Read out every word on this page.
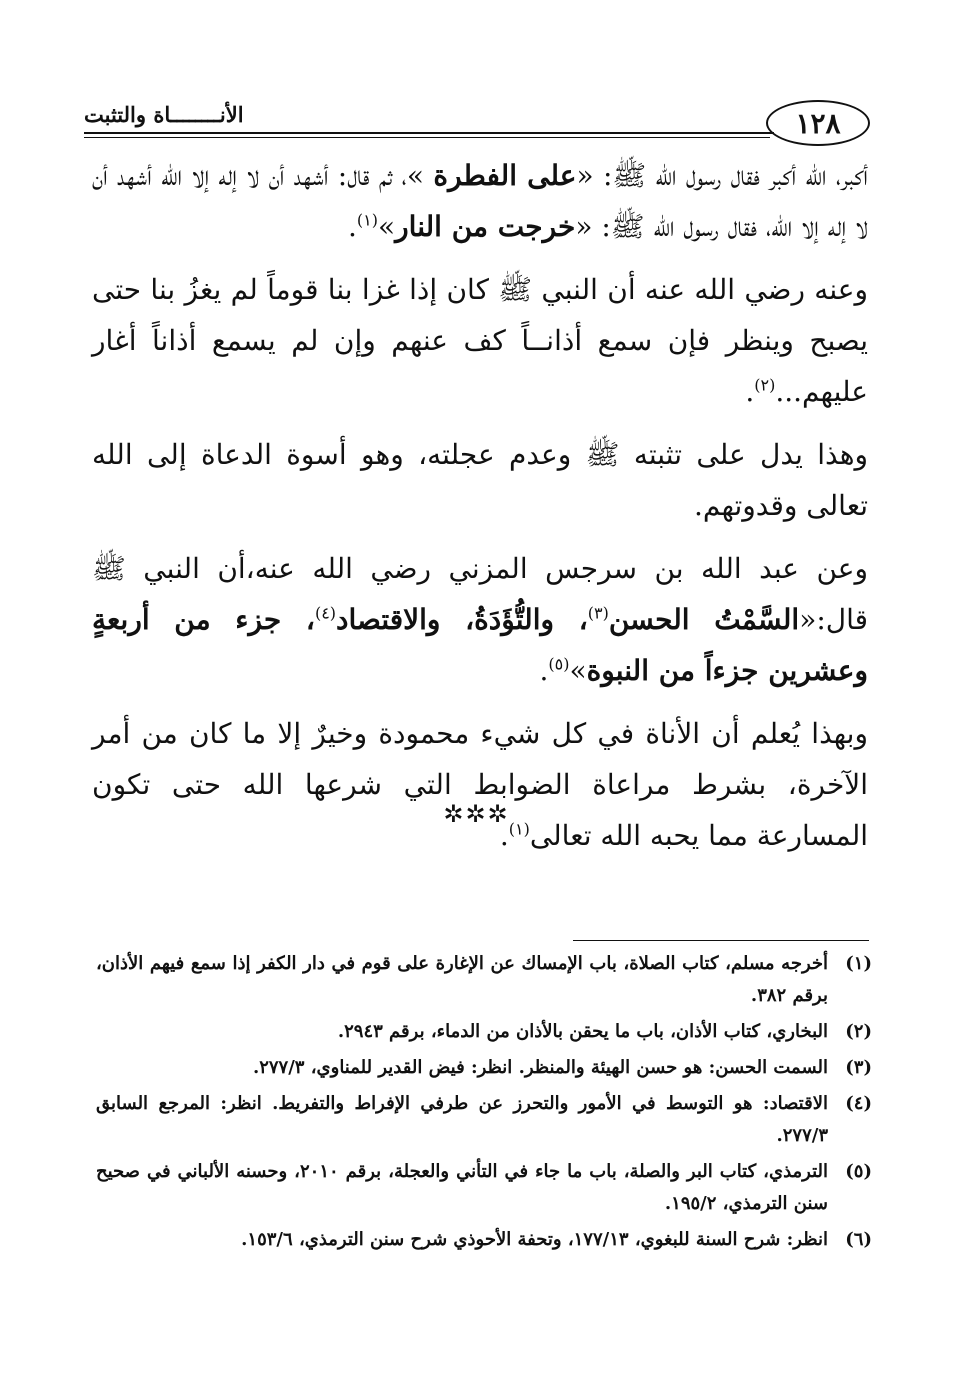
١٢٨
الأنــــــــاة والتثبت

أكبر، الله أكبر فقال رسول الله ﷺ: «على الفطرة »، ثم قال: أشهد أن لا إله إلا الله أشهد أن لا إله إلا الله، فقال رسول الله ﷺ: «خرجت من النار»$^{(١)}$.

وعنه رضي الله عنه أن النبي ﷺ كان إذا غزا بنا قوماً لم يغزُ بنا حتى يصبح وينظر فإن سمع أذانــاً كف عنهم وإن لم يسمع أذاناً أغار عليهم...$^{(٢)}$.

وهذا يدل على تثبته ﷺ وعدم عجلته، وهو أسوة الدعاة إلى الله تعالى وقدوتهم.

وعن عبد الله بن سرجس المزني رضي الله عنه،أن النبي ﷺ قال:«السَّمْتُ الحسن$^{(٣)}$، والتُّؤَدَةُ، والاقتصاد$^{(٤)}$، جزء من أربعةٍ وعشرين جزءاً من النبوة»$^{(٥)}$.

وبهذا يُعلم أن الأناة في كل شيء محمودة وخيرٌ إلا ما كان من أمر الآخرة، بشرط مراعاة الضوابط التي شرعها الله حتى تكون المسارعة مما يحبه الله تعالى$^{(١)}$.

✲✲✲
(١)
أخرجه مسلم، كتاب الصلاة، باب الإمساك عن الإغارة على قوم في دار الكفر إذا سمع فيهم الأذان، برقم ٣٨٢.
(٢)
البخاري، كتاب الأذان، باب ما يحقن بالأذان من الدماء، برقم ٢٩٤٣.
(٣)
السمت الحسن: هو حسن الهيئة والمنظر. انظر: فيض القدير للمناوي، ٢٧٧/٣.
(٤)
الاقتصاد: هو التوسط في الأمور والتحرز عن طرفي الإفراط والتفريط. انظر: المرجع السابق ٢٧٧/٣.
(٥)
الترمذي، كتاب البر والصلة، باب ما جاء في التأني والعجلة، برقم ٢٠١٠، وحسنه الألباني في صحيح سنن الترمذي، ١٩٥/٢.
(٦)
انظر: شرح السنة للبغوي، ١٧٧/١٣، وتحفة الأحوذي شرح سنن الترمذي، ١٥٣/٦.
